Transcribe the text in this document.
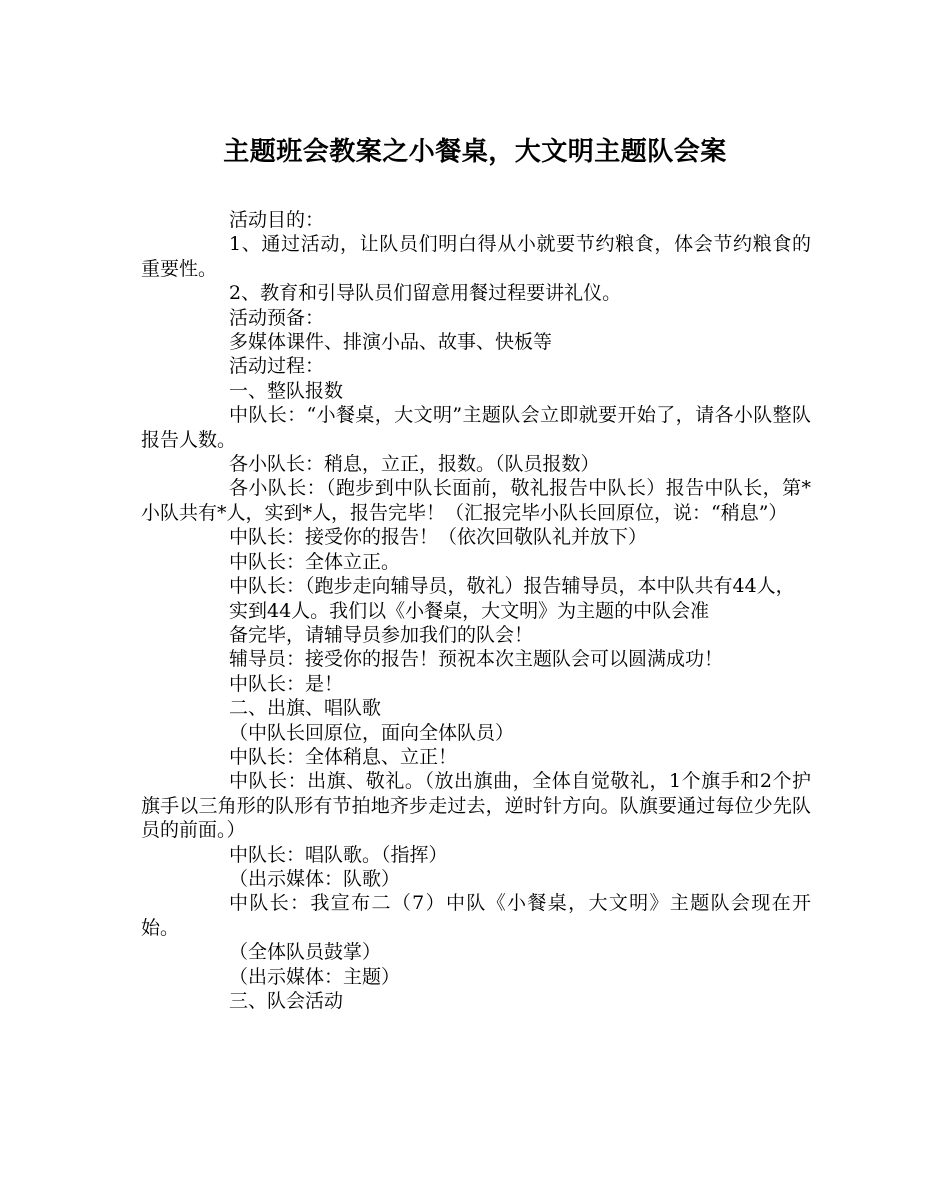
主题班会教案之小餐桌，大文明主题队会案

活动目的：

1、通过活动，让队员们明白得从小就要节约粮食，体会节约粮食的重要性。

2、教育和引导队员们留意用餐过程要讲礼仪。

活动预备：

多媒体课件、排演小品、故事、快板等

活动过程：

一、整队报数

中队长：“小餐桌，大文明”主题队会立即就要开始了，请各小队整队报告人数。

各小队长：稍息，立正，报数。（队员报数）

各小队长：（跑步到中队长面前，敬礼报告中队长）报告中队长，第*小队共有*人，实到*人，报告完毕！（汇报完毕小队长回原位，说：“稍息”）

中队长：接受你的报告！（依次回敬队礼并放下）

中队长：全体立正。

中队长：（跑步走向辅导员，敬礼）报告辅导员，本中队共有44人，

实到44人。我们以《小餐桌，大文明》为主题的中队会准

备完毕，请辅导员参加我们的队会！

辅导员：接受你的报告！预祝本次主题队会可以圆满成功！

中队长：是！

二、出旗、唱队歌

（中队长回原位，面向全体队员）

中队长：全体稍息、立正！

中队长：出旗、敬礼。（放出旗曲，全体自觉敬礼，1个旗手和2个护旗手以三角形的队形有节拍地齐步走过去，逆时针方向。队旗要通过每位少先队员的前面。）

中队长：唱队歌。（指挥）

（出示媒体：队歌）

中队长：我宣布二（7）中队《小餐桌，大文明》主题队会现在开始。

（全体队员鼓掌）

（出示媒体：主题）

三、队会活动
